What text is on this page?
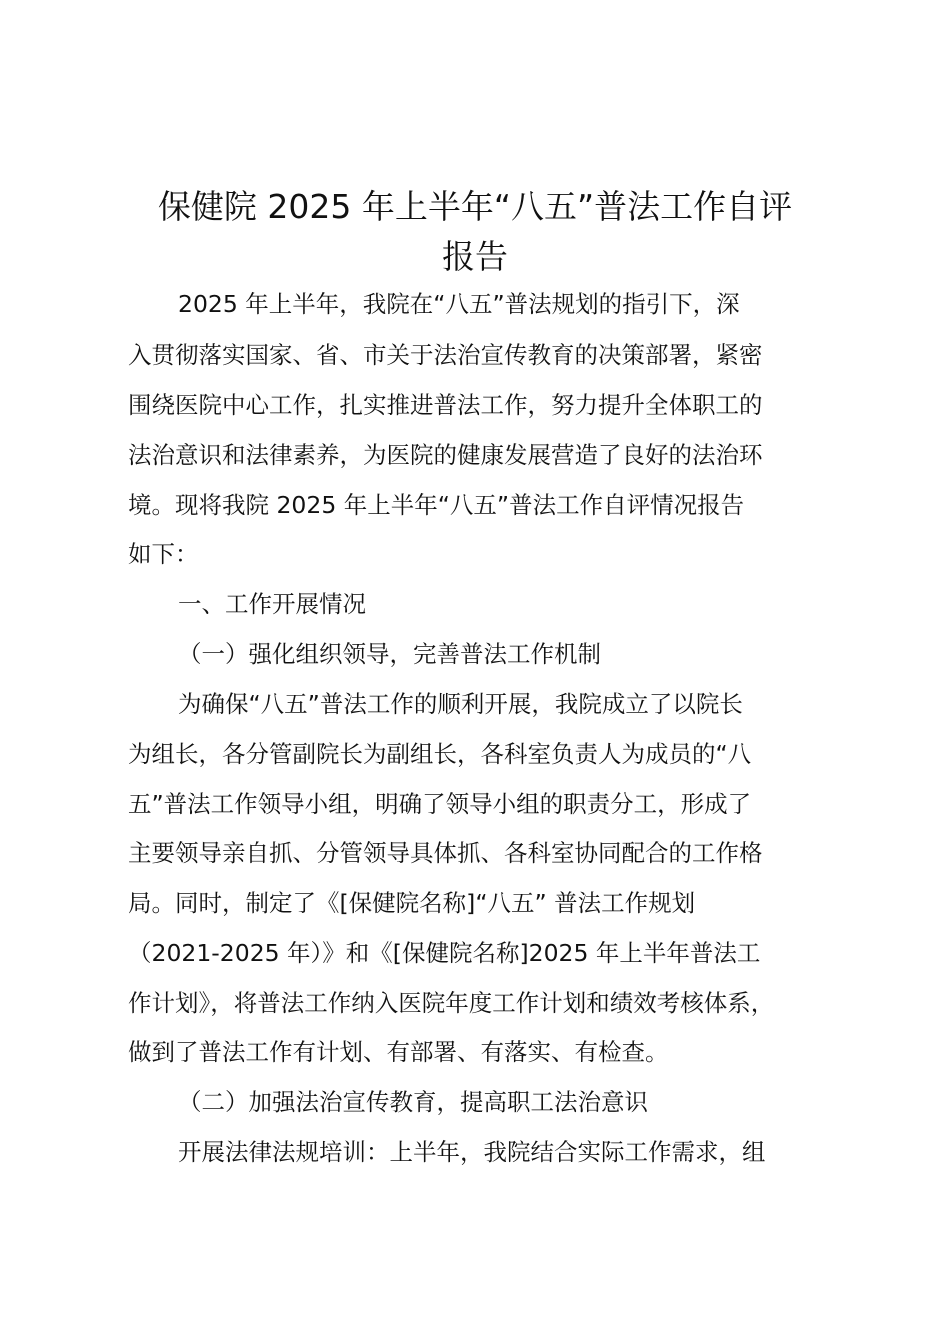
保健院 2025 年上半年“八五”普法工作自评
报告

2025 年上半年，我院在“八五”普法规划的指引下，深

入贯彻落实国家、省、市关于法治宣传教育的决策部署，紧密

围绕医院中心工作，扎实推进普法工作，努力提升全体职工的

法治意识和法律素养，为医院的健康发展营造了良好的法治环

境。现将我院 2025 年上半年“八五”普法工作自评情况报告

如下：

一、工作开展情况

（一）强化组织领导，完善普法工作机制

为确保“八五”普法工作的顺利开展，我院成立了以院长

为组长，各分管副院长为副组长，各科室负责人为成员的“八

五”普法工作领导小组，明确了领导小组的职责分工，形成了

主要领导亲自抓、分管领导具体抓、各科室协同配合的工作格

局。同时，制定了《[保健院名称]“八五” 普法工作规划

（2021-2025 年）》和《[保健院名称]2025 年上半年普法工

作计划》，将普法工作纳入医院年度工作计划和绩效考核体系，

做到了普法工作有计划、有部署、有落实、有检查。

（二）加强法治宣传教育，提高职工法治意识

开展法律法规培训：上半年，我院结合实际工作需求，组
